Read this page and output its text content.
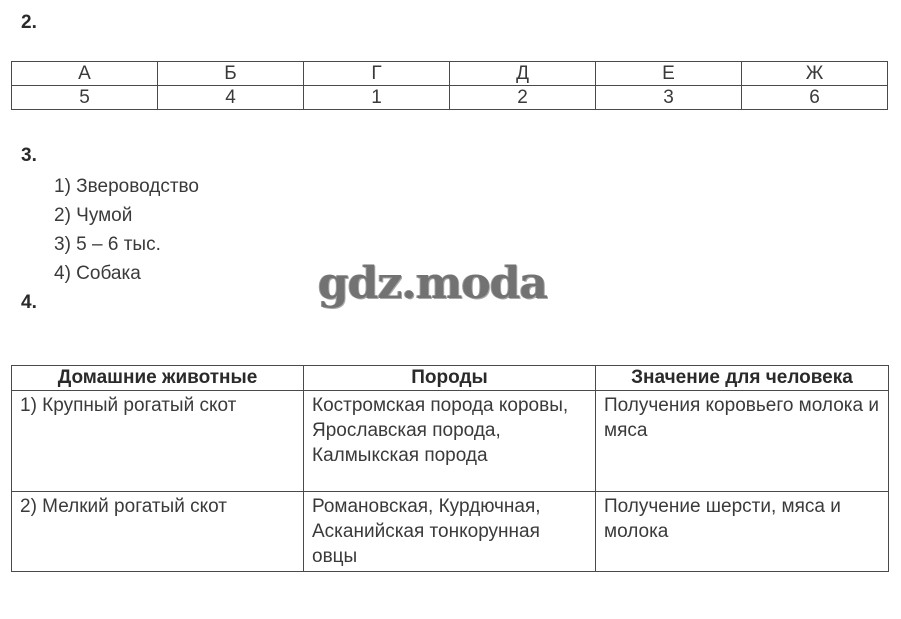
2.
А	Б	Г	Д	Е	Ж
5	4	1	2	3	6
3.
1) Звероводство
2) Чумой
3) 5 – 6 тыс.
4) Собака	gdz.moda
4.
Домашние животные	Породы	Значение для человека
1) Крупный рогатый скот	Костромская порода коровы, Ярославская порода, Калмыкская порода	Получения коровьего молока и мяса
2) Мелкий рогатый скот	Романовская, Курдючная, Асканийская тонкорунная овцы	Получение шерсти, мяса и молока
